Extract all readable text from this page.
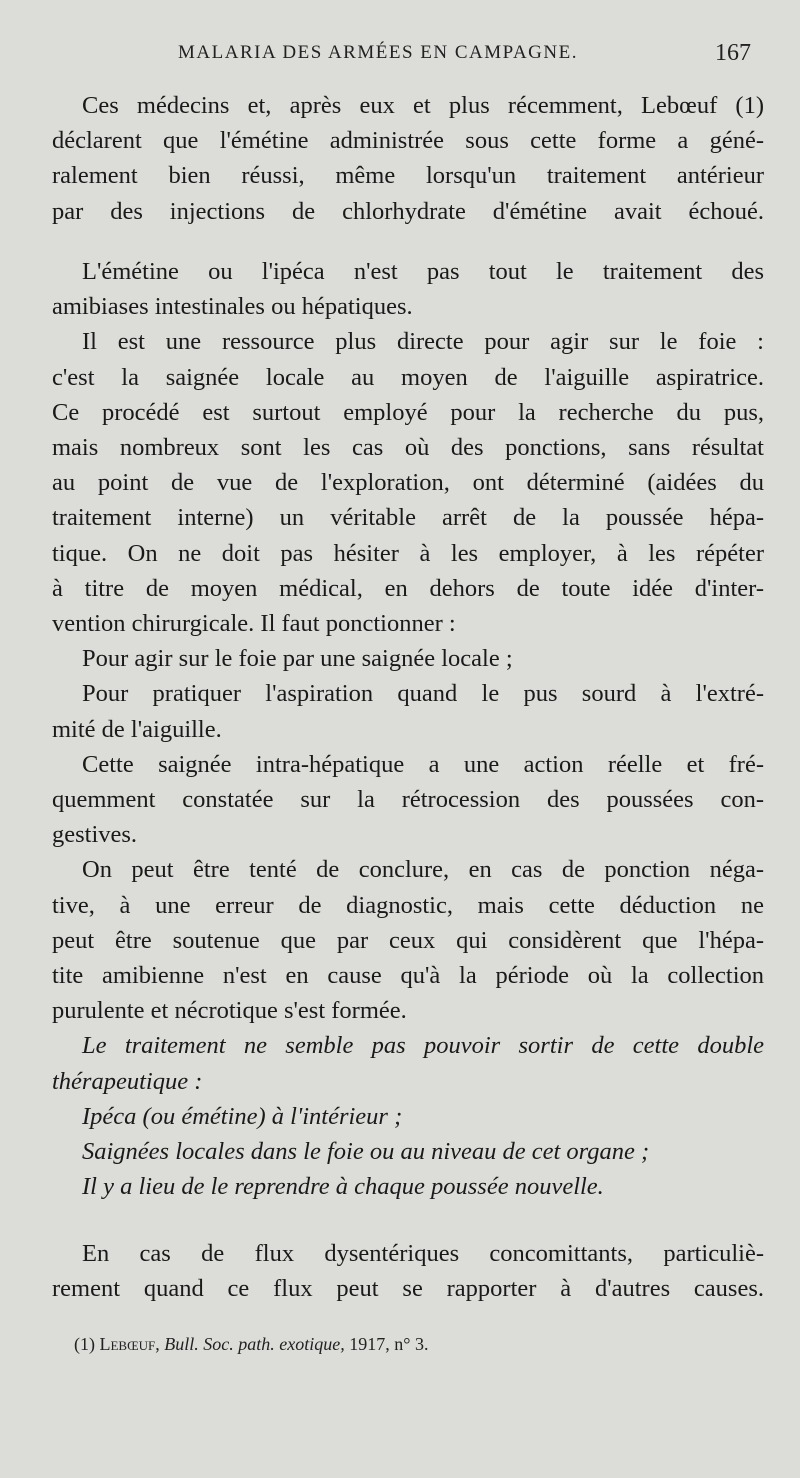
MALARIA DES ARMÉES EN CAMPAGNE.	167
Ces médecins et, après eux et plus récemment, Lebœuf (1)
déclarent que l'émétine administrée sous cette forme a géné-
ralement bien réussi, même lorsqu'un traitement antérieur
par des injections de chlorhydrate d'émétine avait échoué.
L'émétine ou l'ipéca n'est pas tout le traitement des
amibiases intestinales ou hépatiques.
Il est une ressource plus directe pour agir sur le foie :
c'est la saignée locale au moyen de l'aiguille aspiratrice.
Ce procédé est surtout employé pour la recherche du pus,
mais nombreux sont les cas où des ponctions, sans résultat
au point de vue de l'exploration, ont déterminé (aidées du
traitement interne) un véritable arrêt de la poussée hépa-
tique. On ne doit pas hésiter à les employer, à les répéter
à titre de moyen médical, en dehors de toute idée d'inter-
vention chirurgicale. Il faut ponctionner :
Pour agir sur le foie par une saignée locale ;
Pour pratiquer l'aspiration quand le pus sourd à l'extré-
mité de l'aiguille.
Cette saignée intra-hépatique a une action réelle et fré-
quemment constatée sur la rétrocession des poussées con-
gestives.
On peut être tenté de conclure, en cas de ponction néga-
tive, à une erreur de diagnostic, mais cette déduction ne
peut être soutenue que par ceux qui considèrent que l'hépa-
tite amibienne n'est en cause qu'à la période où la collection
purulente et nécrotique s'est formée.
Le traitement ne semble pas pouvoir sortir de cette double
thérapeutique :
Ipéca (ou émétine) à l'intérieur ;
Saignées locales dans le foie ou au niveau de cet organe ;
Il y a lieu de le reprendre à chaque poussée nouvelle.
En cas de flux dysentériques concomittants, particuliè-
rement quand ce flux peut se rapporter à d'autres causes.
(1) Lebœuf, Bull. Soc. path. exotique, 1917, n° 3.
